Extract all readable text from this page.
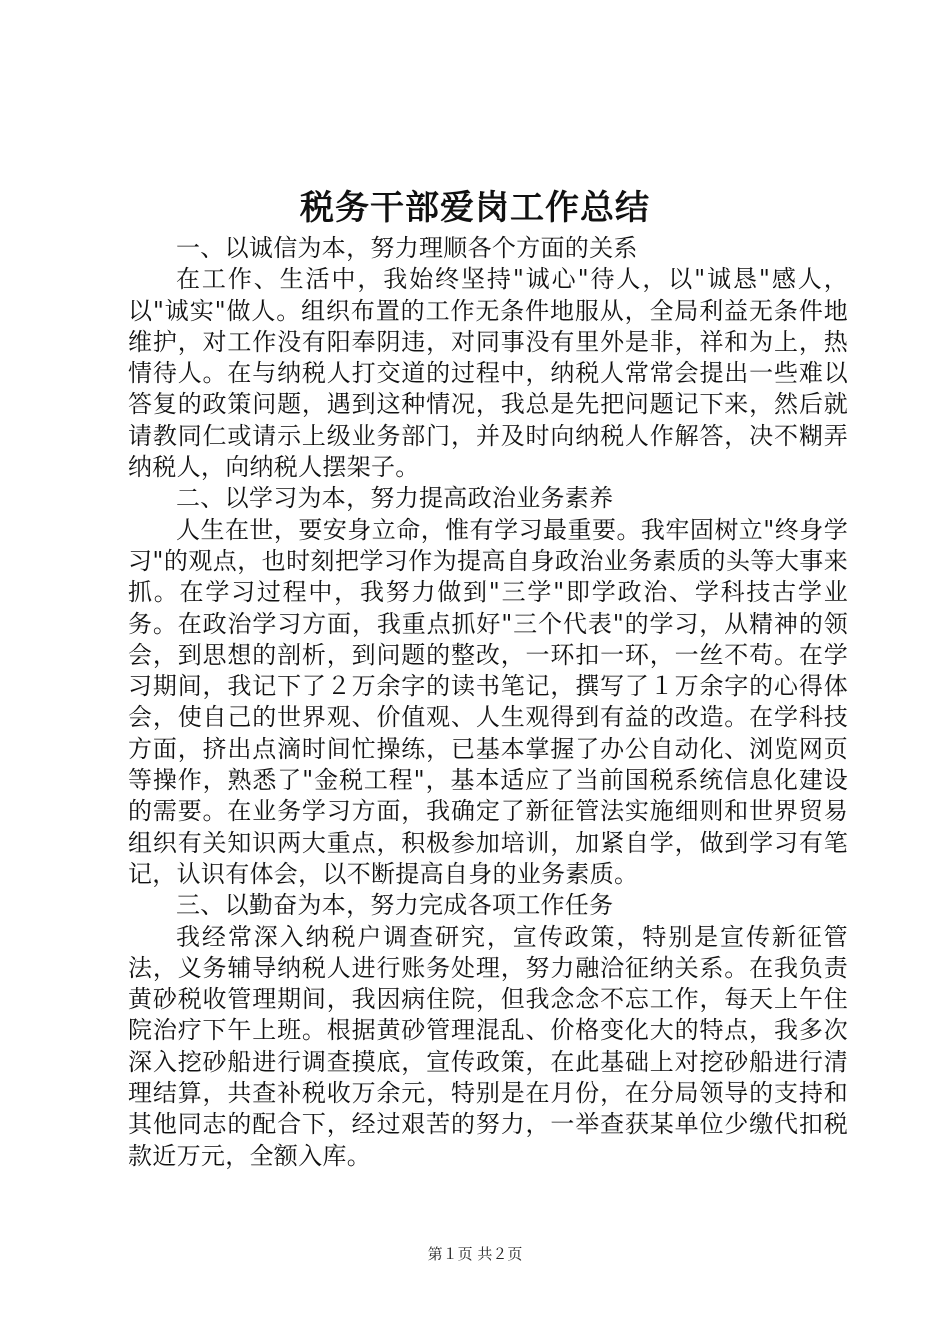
税务干部爱岗工作总结

一、以诚信为本，努力理顺各个方面的关系

在工作、生活中，我始终坚持"诚心"待人，以"诚恳"感人，以"诚实"做人。组织布置的工作无条件地服从，全局利益无条件地维护，对工作没有阳奉阴违，对同事没有里外是非，祥和为上，热情待人。在与纳税人打交道的过程中，纳税人常常会提出一些难以答复的政策问题，遇到这种情况，我总是先把问题记下来，然后就请教同仁或请示上级业务部门，并及时向纳税人作解答，决不糊弄纳税人，向纳税人摆架子。

二、以学习为本，努力提高政治业务素养

人生在世，要安身立命，惟有学习最重要。我牢固树立"终身学习"的观点，也时刻把学习作为提高自身政治业务素质的头等大事来抓。在学习过程中，我努力做到"三学"即学政治、学科技古学业务。在政治学习方面，我重点抓好"三个代表"的学习，从精神的领会，到思想的剖析，到问题的整改，一环扣一环，一丝不苟。在学习期间，我记下了２万余字的读书笔记，撰写了１万余字的心得体会，使自己的世界观、价值观、人生观得到有益的改造。在学科技方面，挤出点滴时间忙操练，已基本掌握了办公自动化、浏览网页等操作，熟悉了"金税工程"，基本适应了当前国税系统信息化建设的需要。在业务学习方面，我确定了新征管法实施细则和世界贸易组织有关知识两大重点，积极参加培训，加紧自学，做到学习有笔记，认识有体会，以不断提高自身的业务素质。

三、以勤奋为本，努力完成各项工作任务

我经常深入纳税户调查研究，宣传政策，特别是宣传新征管法，义务辅导纳税人进行账务处理，努力融洽征纳关系。在我负责黄砂税收管理期间，我因病住院，但我念念不忘工作，每天上午住院治疗下午上班。根据黄砂管理混乱、价格变化大的特点，我多次深入挖砂船进行调查摸底，宣传政策，在此基础上对挖砂船进行清理结算，共查补税收万余元，特别是在月份，在分局领导的支持和其他同志的配合下，经过艰苦的努力，一举查获某单位少缴代扣税款近万元，全额入库。

第１页 共２页
